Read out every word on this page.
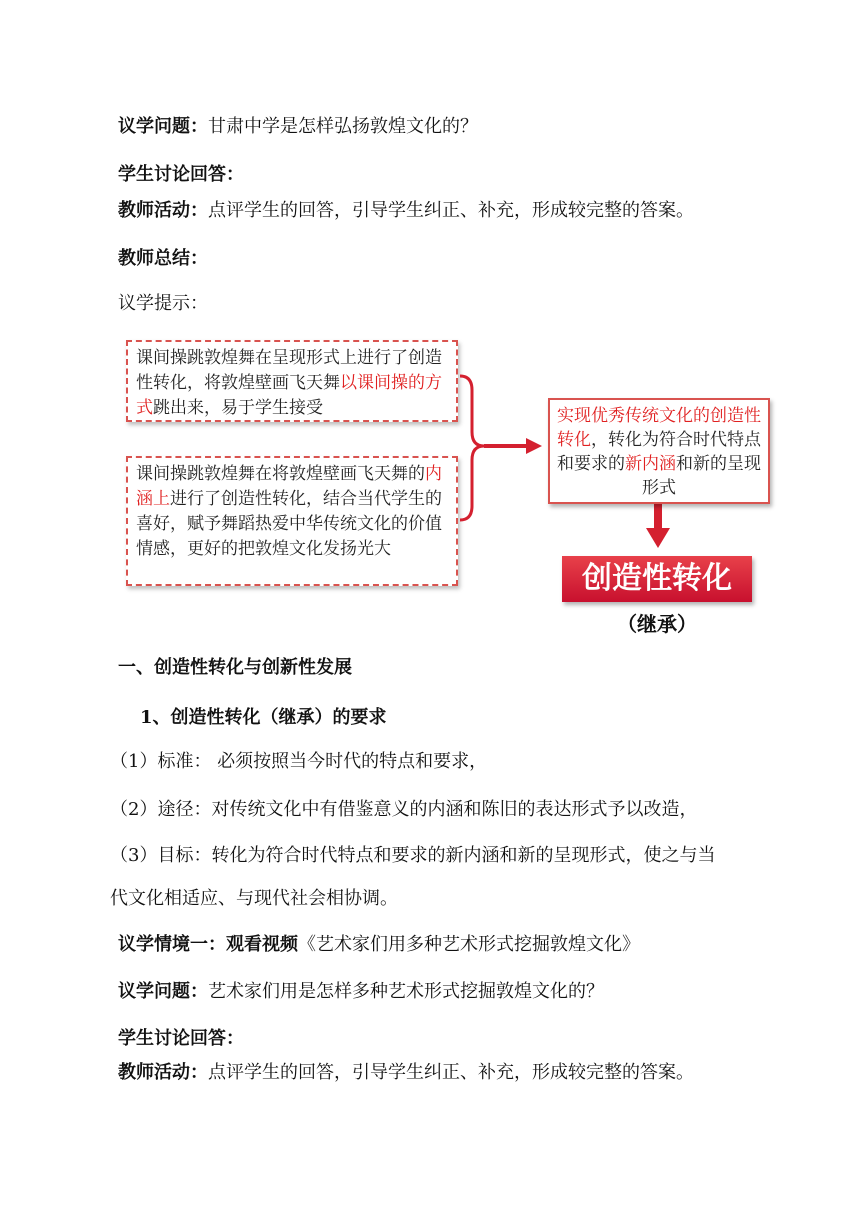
议学问题：甘肃中学是怎样弘扬敦煌文化的？
学生讨论回答：
教师活动：点评学生的回答，引导学生纠正、补充，形成较完整的答案。
教师总结：
议学提示：
课间操跳敦煌舞在呈现形式上进行了创造性转化，将敦煌壁画飞天舞以课间操的方式跳出来，易于学生接受
课间操跳敦煌舞在将敦煌壁画飞天舞的内涵上进行了创造性转化，结合当代学生的喜好，赋予舞蹈热爱中华传统文化的价值情感，更好的把敦煌文化发扬光大
实现优秀传统文化的创造性转化，转化为符合时代特点和要求的新内涵和新的呈现形式
创造性转化
（继承）
一、创造性转化与创新性发展
1、创造性转化（继承）的要求
（1）标准： 必须按照当今时代的特点和要求，
（2）途径：对传统文化中有借鉴意义的内涵和陈旧的表达形式予以改造，
（3）目标：转化为符合时代特点和要求的新内涵和新的呈现形式，使之与当
代文化相适应、与现代社会相协调。
议学情境一：观看视频《艺术家们用多种艺术形式挖掘敦煌文化》
议学问题：艺术家们用是怎样多种艺术形式挖掘敦煌文化的？
学生讨论回答：
教师活动：点评学生的回答，引导学生纠正、补充，形成较完整的答案。
